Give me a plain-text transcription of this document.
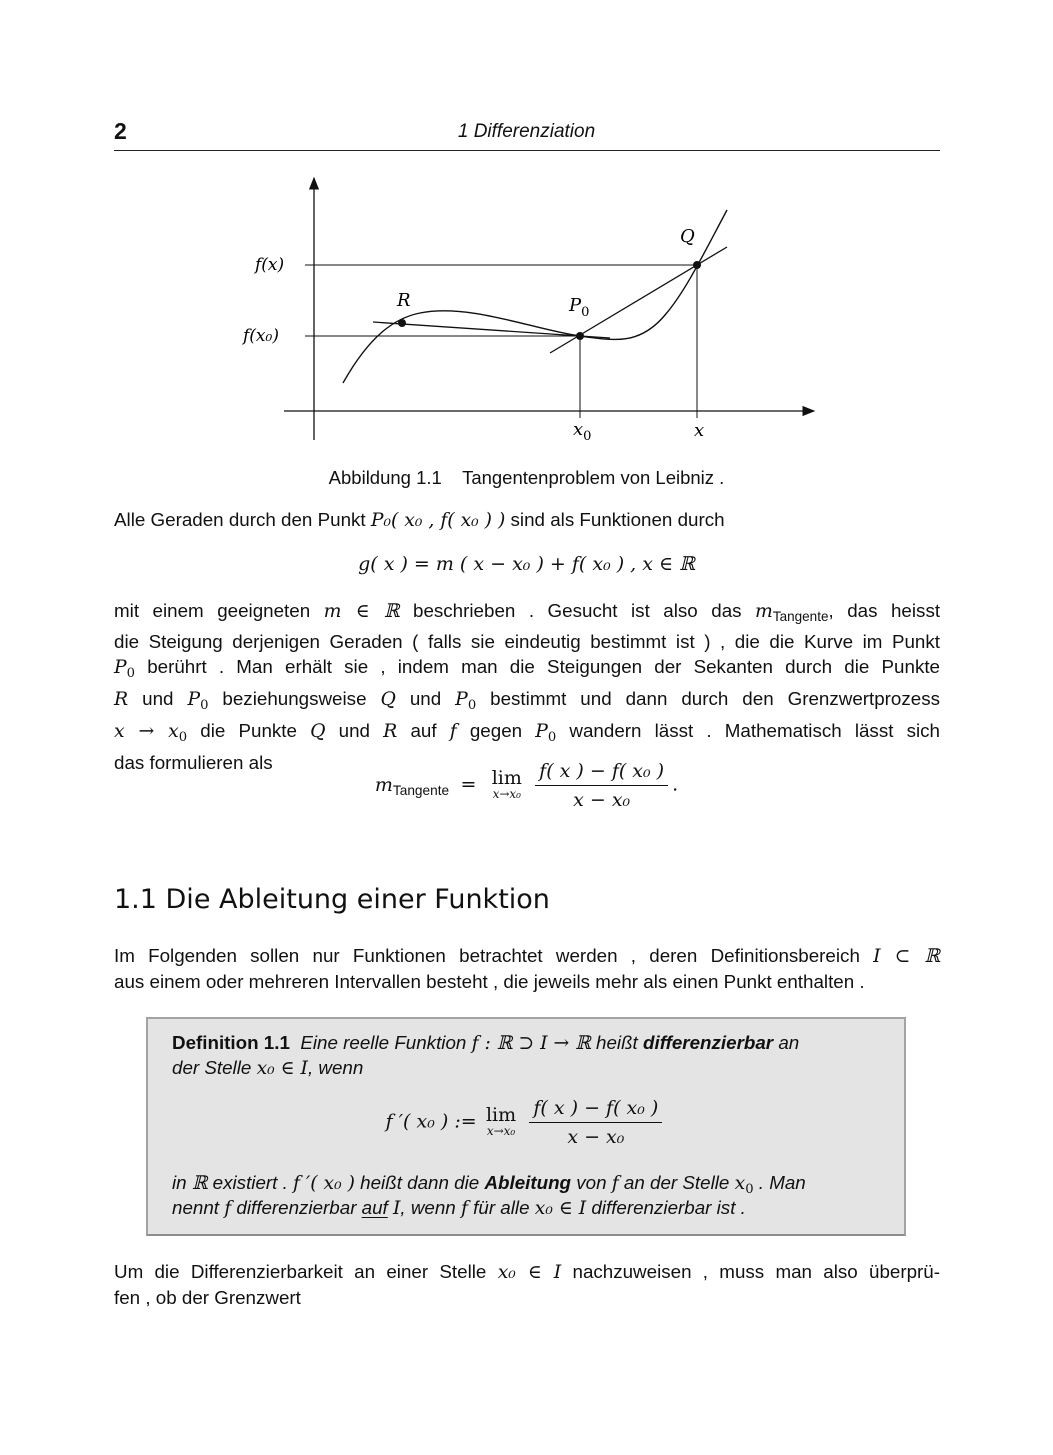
2	1 Differenziation
f(x)
f(x₀)
R	$P_0$
Q
$x_0$	x
Abbildung 1.1 Tangentenproblem von Leibniz .
Alle Geraden durch den Punkt P₀( x₀ , f( x₀ ) ) sind als Funktionen durch
g( x ) = m ( x − x₀ ) + f( x₀ ) , x ∈ ℝ
mit einem geeigneten m ∈ ℝ beschrieben . Gesucht ist also das $m_{Tangente}$, das heisst
die Steigung derjenigen Geraden ( falls sie eindeutig bestimmt ist ) , die die Kurve im Punkt
$P_0$ berührt . Man erhält sie , indem man die Steigungen der Sekanten durch die Punkte
R und $P_0$ beziehungsweise Q und $P_0$ bestimmt und dann durch den Grenzwertprozess
$x \to x_0$ die Punkte Q und R auf f gegen $P_0$ wandern lässt . Mathematisch lässt sich
das formulieren als
$m_{Tangente} = \lim$
x→x₀
$\frac{\text{f( x ) − f( x₀ )}}{\text{x − x₀}}$ .
1.1 Die Ableitung einer Funktion
Im Folgenden sollen nur Funktionen betrachtet werden , deren Definitionsbereich I ⊂ ℝ
aus einem oder mehreren Intervallen besteht , die jeweils mehr als einen Punkt enthalten .
Definition 1.1 Eine reelle Funktion f : ℝ ⊃ I → ℝ heißt differenzierbar an
der Stelle x₀ ∈ I, wenn
f ′( x₀ ) := lim
x→x₀
$\frac{\text{f( x ) − f( x₀ )}}{\text{x − x₀}}$
in ℝ existiert . f ′( x₀ ) heißt dann die Ableitung von f an der Stelle $x_0$ . Man
nennt f differenzierbar auf I, wenn f für alle x₀ ∈ I differenzierbar ist .
Um die Differenzierbarkeit an einer Stelle x₀ ∈ I nachzuweisen , muss man also überprü-
fen , ob der Grenzwert
